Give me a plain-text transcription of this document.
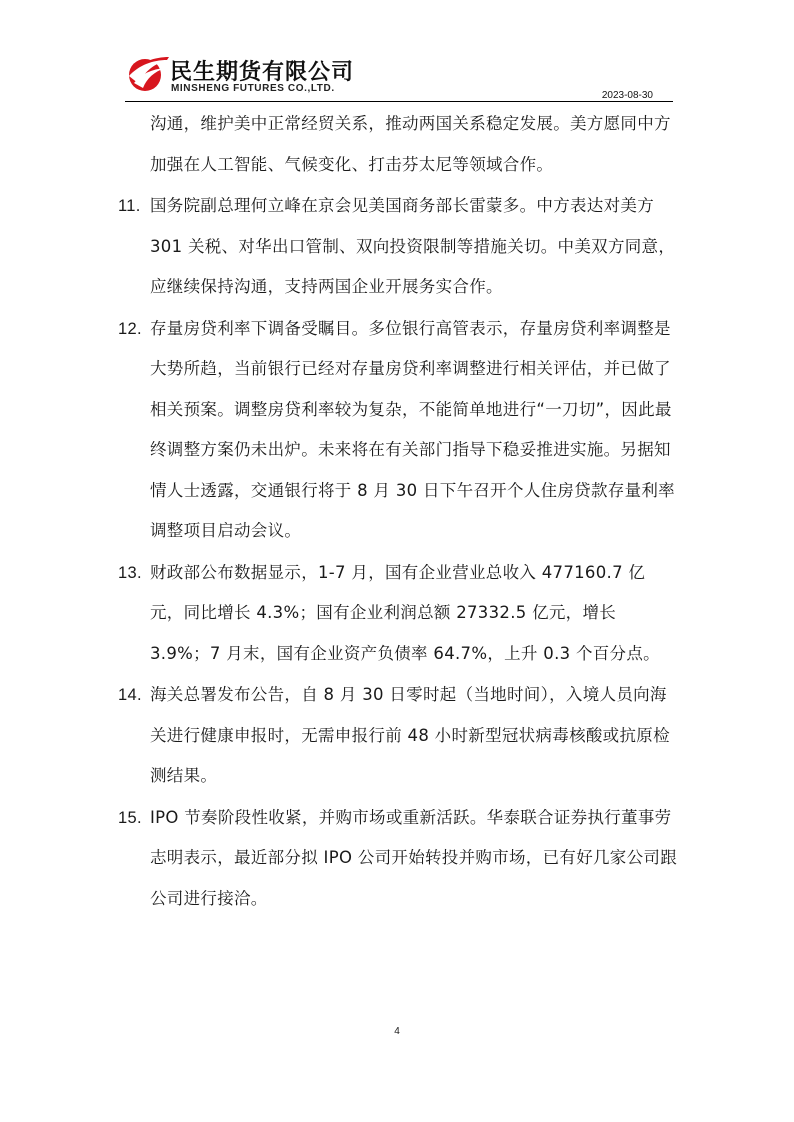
民生期货有限公司
MINSHENG FUTURES CO.,LTD.
2023-08-30
沟通，维护美中正常经贸关系，推动两国关系稳定发展。美方愿同中方加强在人工智能、气候变化、打击芬太尼等领域合作。
11. 国务院副总理何立峰在京会见美国商务部长雷蒙多。中方表达对美方 301 关税、对华出口管制、双向投资限制等措施关切。中美双方同意，应继续保持沟通，支持两国企业开展务实合作。
12. 存量房贷利率下调备受瞩目。多位银行高管表示，存量房贷利率调整是大势所趋，当前银行已经对存量房贷利率调整进行相关评估，并已做了相关预案。调整房贷利率较为复杂，不能简单地进行“一刀切”，因此最终调整方案仍未出炉。未来将在有关部门指导下稳妥推进实施。另据知情人士透露，交通银行将于 8 月 30 日下午召开个人住房贷款存量利率调整项目启动会议。
13. 财政部公布数据显示，1-7 月，国有企业营业总收入 477160.7 亿元，同比增长 4.3%；国有企业利润总额 27332.5 亿元，增长 3.9%；7 月末，国有企业资产负债率 64.7%，上升 0.3 个百分点。
14. 海关总署发布公告，自 8 月 30 日零时起（当地时间），入境人员向海关进行健康申报时，无需申报行前 48 小时新型冠状病毒核酸或抗原检测结果。
15. IPO 节奏阶段性收紧，并购市场或重新活跃。华泰联合证券执行董事劳志明表示，最近部分拟 IPO 公司开始转投并购市场，已有好几家公司跟公司进行接洽。
4
